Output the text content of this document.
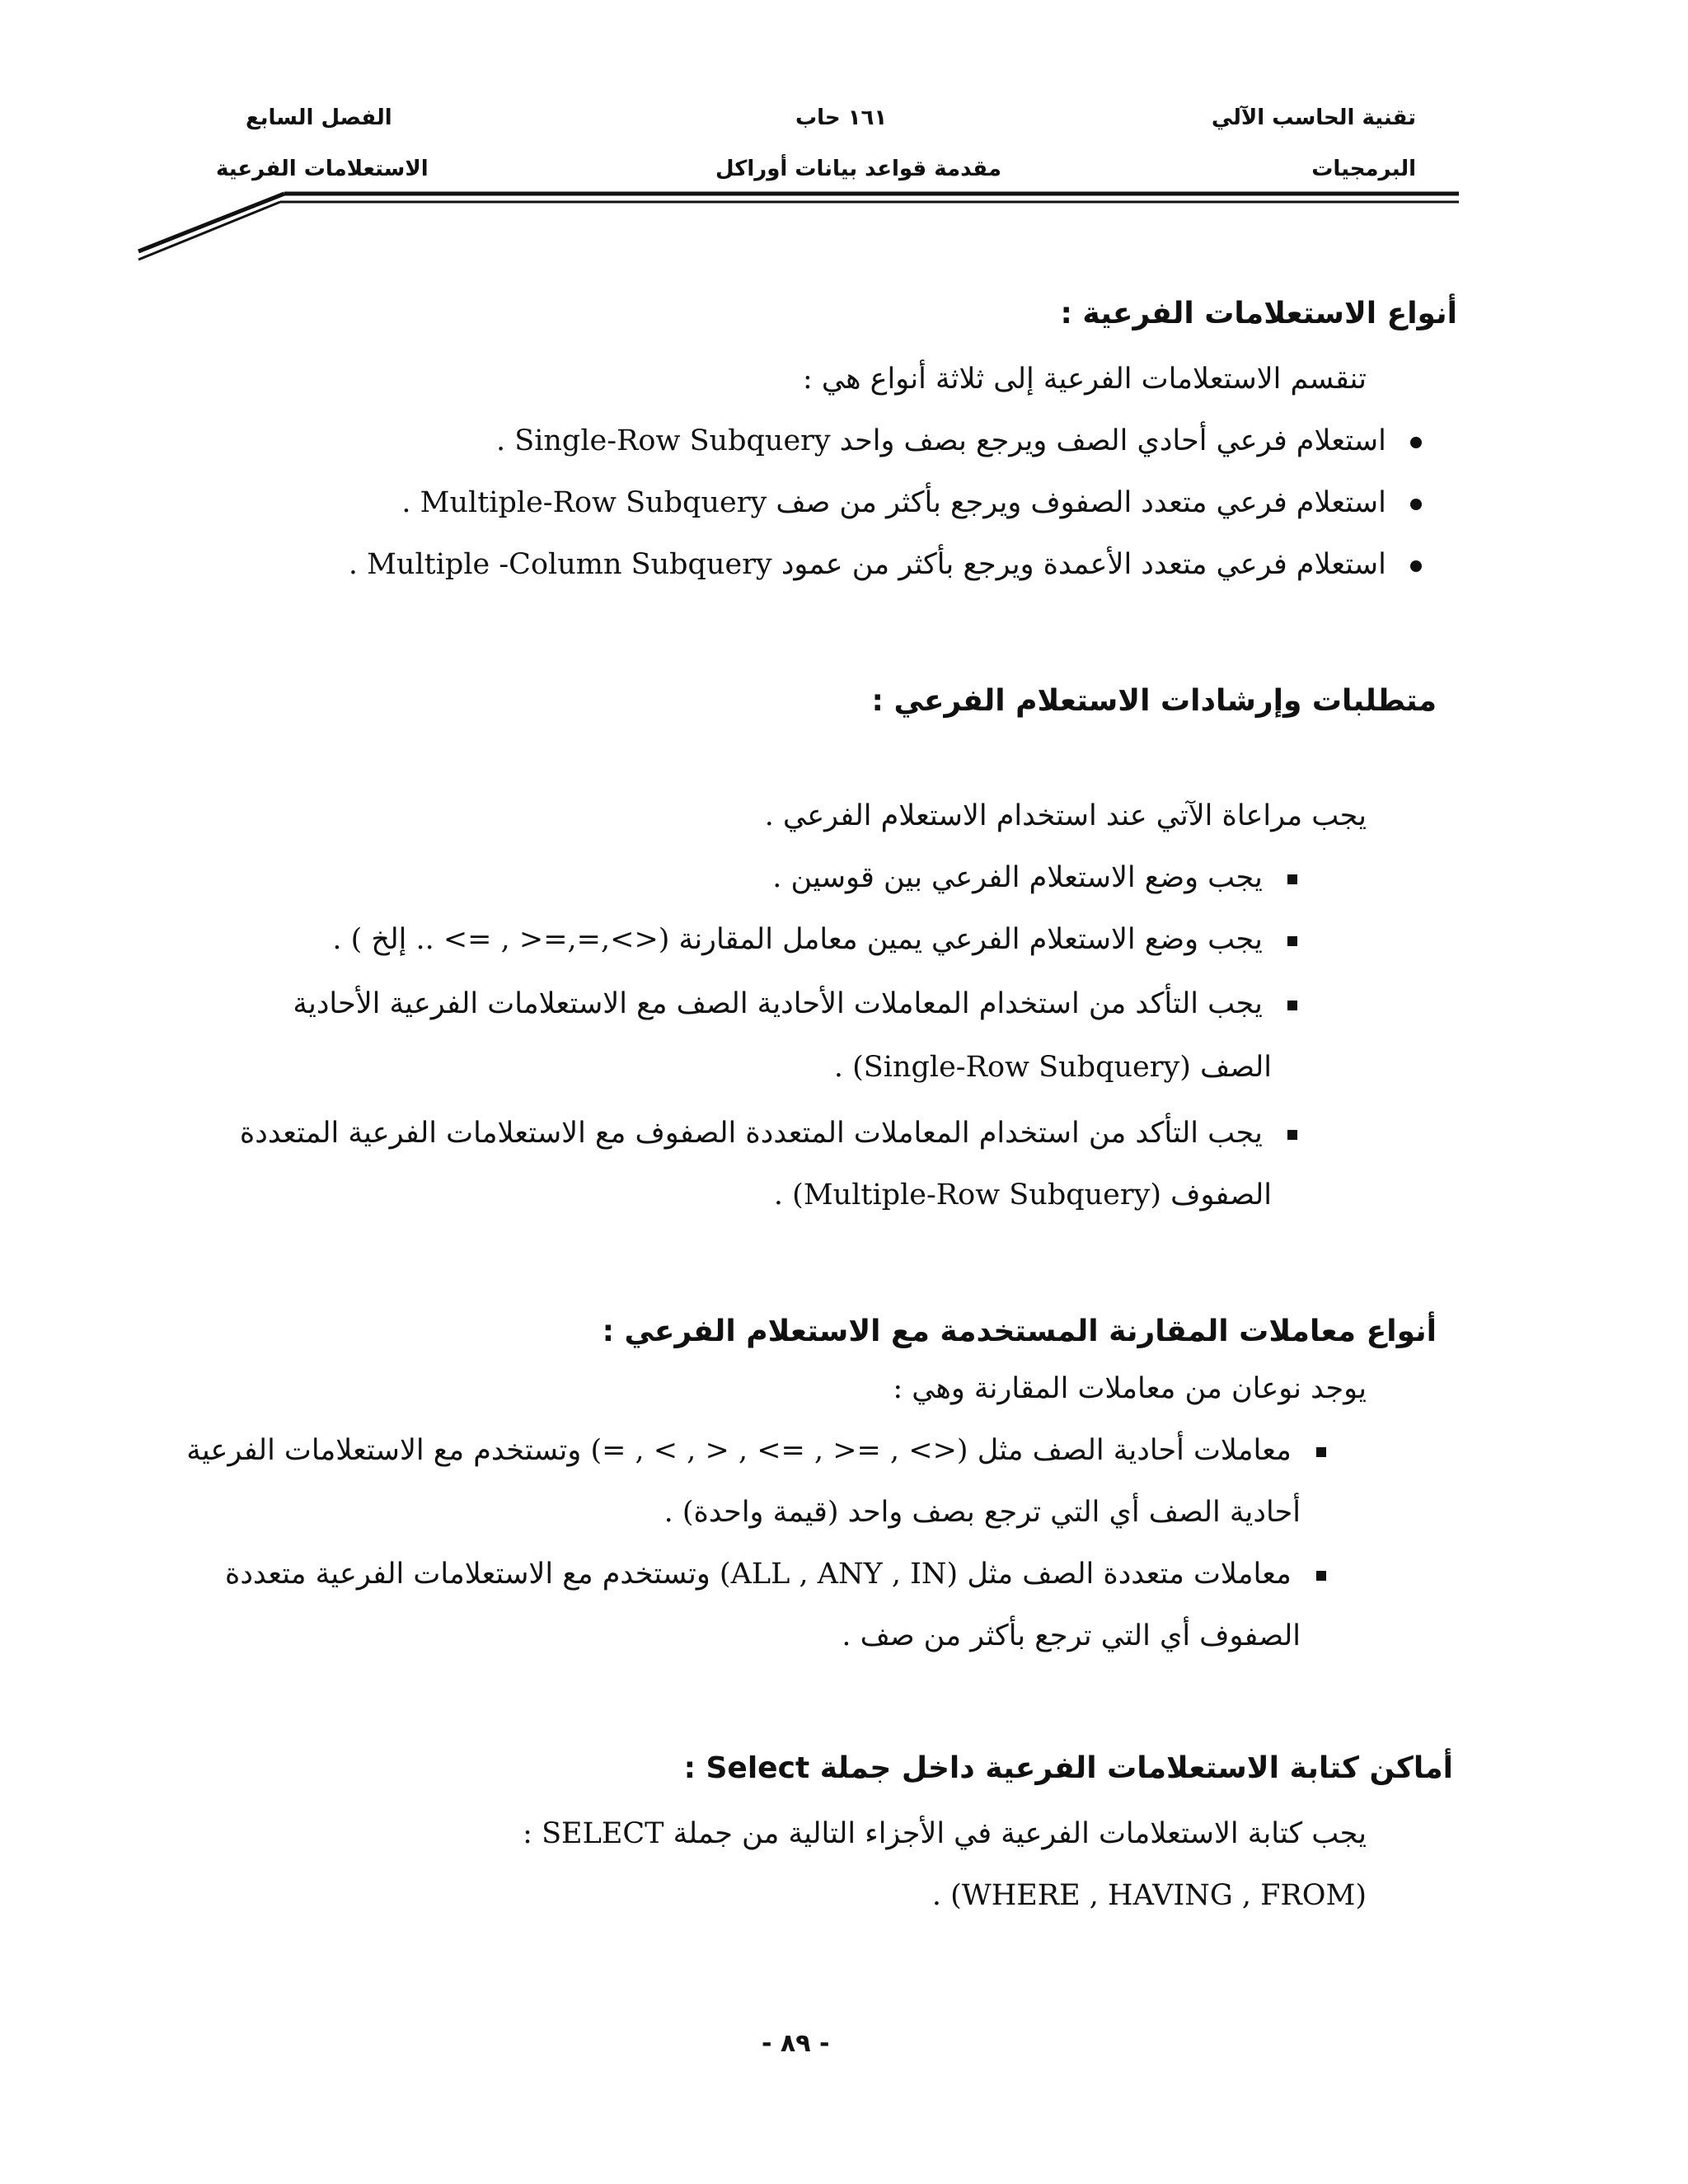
تقنية الحاسب الآلي
البرمجيات
١٦١ حاب
مقدمة قواعد بيانات أوراكل
الفصل السابع
الاستعلامات الفرعية
أنواع الاستعلامات الفرعية :
تنقسم الاستعلامات الفرعية إلى ثلاثة أنواع هي :
استعلام فرعي أحادي الصف ويرجع بصف واحد Single-Row Subquery .
استعلام فرعي متعدد الصفوف ويرجع بأكثر من صف Multiple-Row Subquery .
استعلام فرعي متعدد الأعمدة ويرجع بأكثر من عمود Multiple -Column Subquery .
متطلبات وإرشادات الاستعلام الفرعي :
يجب مراعاة الآتي عند استخدام الاستعلام الفرعي .
يجب وضع الاستعلام الفرعي بين قوسين .
يجب وضع الاستعلام الفرعي يمين معامل المقارنة (<>,=,=< , => .. إلخ ) .
يجب التأكد من استخدام المعاملات الأحادية الصف مع الاستعلامات الفرعية الأحادية
الصف (Single-Row Subquery) .
يجب التأكد من استخدام المعاملات المتعددة الصفوف مع الاستعلامات الفرعية المتعددة
الصفوف (Multiple-Row Subquery) .
أنواع معاملات المقارنة المستخدمة مع الاستعلام الفرعي :
يوجد نوعان من معاملات المقارنة وهي :
معاملات أحادية الصف مثل (<> , =< , => , < , > , =) وتستخدم مع الاستعلامات الفرعية
أحادية الصف أي التي ترجع بصف واحد (قيمة واحدة) .
معاملات متعددة الصف مثل (ALL , ANY , IN) وتستخدم مع الاستعلامات الفرعية متعددة
الصفوف أي التي ترجع بأكثر من صف .
أماكن كتابة الاستعلامات الفرعية داخل جملة Select :
يجب كتابة الاستعلامات الفرعية في الأجزاء التالية من جملة SELECT :
(WHERE , HAVING , FROM) .
- ٨٩ -
